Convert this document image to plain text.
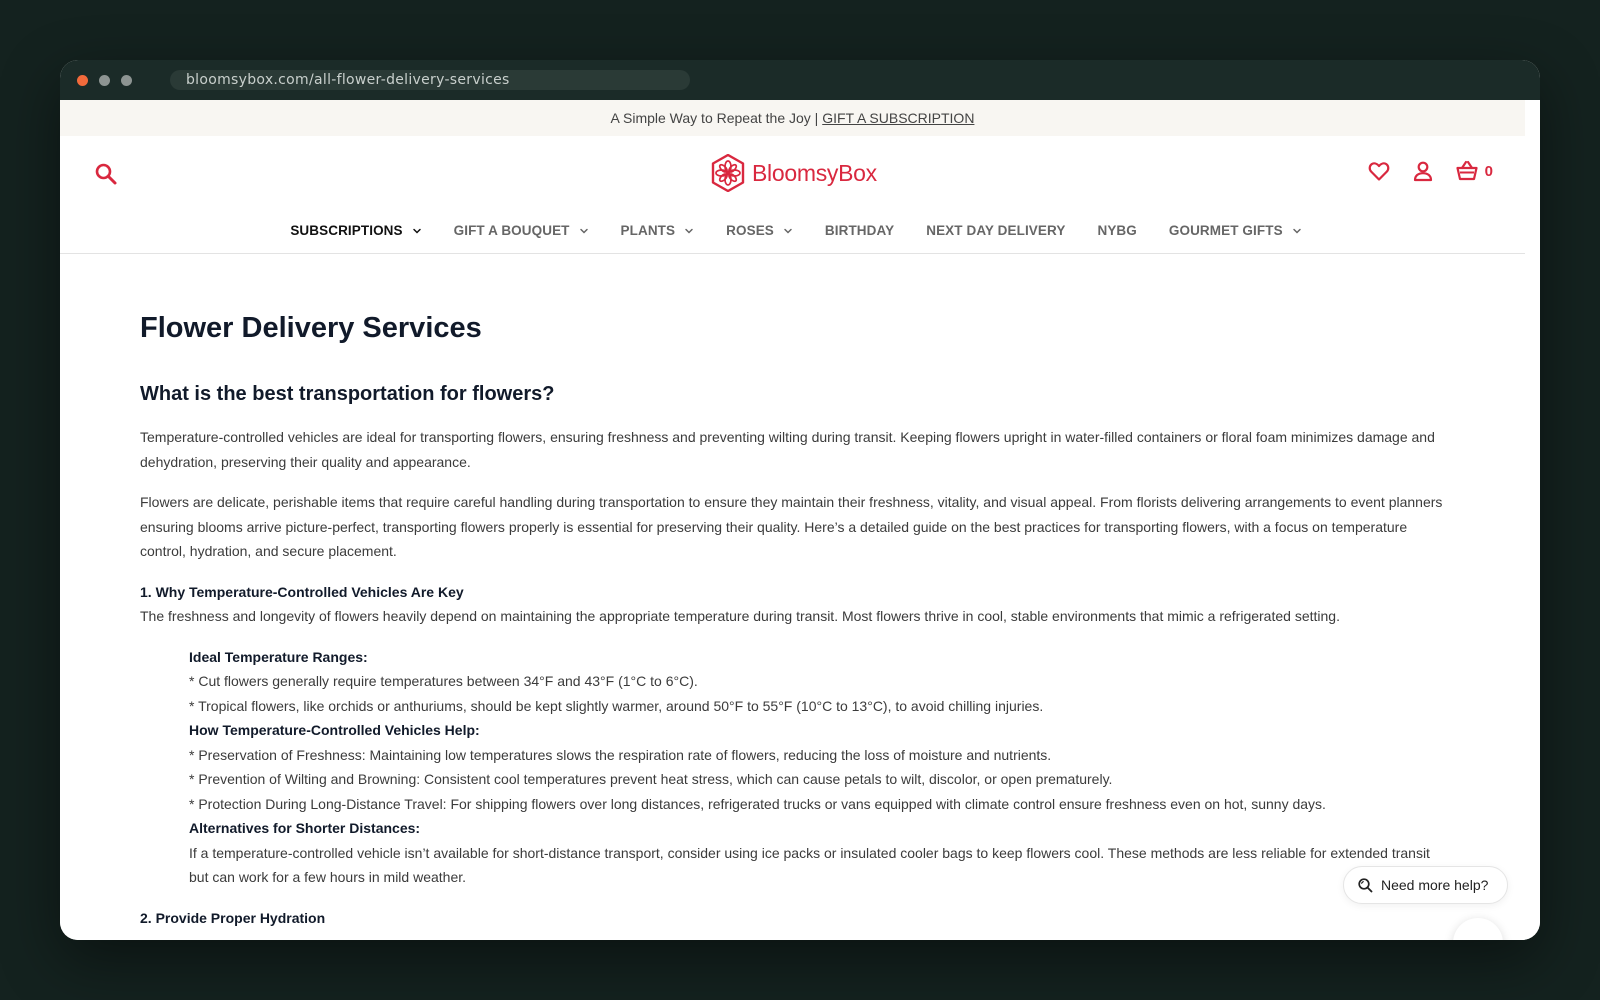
bloomsybox.com/all-flower-delivery-services
A Simple Way to Repeat the Joy | GIFT A SUBSCRIPTION
BloomsyBox	0
SUBSCRIPTIONS	GIFT A BOUQUET	PLANTS	ROSES	BIRTHDAY NEXT DAY DELIVERY NYBG GOURMET GIFTS
Flower Delivery Services
What is the best transportation for flowers?

Temperature-controlled vehicles are ideal for transporting flowers, ensuring freshness and preventing wilting during transit. Keeping flowers upright in water-filled containers or floral foam minimizes damage and dehydration, preserving their quality and appearance.

Flowers are delicate, perishable items that require careful handling during transportation to ensure they maintain their freshness, vitality, and visual appeal. From florists delivering arrangements to event planners ensuring blooms arrive picture-perfect, transporting flowers properly is essential for preserving their quality. Here’s a detailed guide on the best practices for transporting flowers, with a focus on temperature control, hydration, and secure placement.

1. Why Temperature-Controlled Vehicles Are Key

The freshness and longevity of flowers heavily depend on maintaining the appropriate temperature during transit. Most flowers thrive in cool, stable environments that mimic a refrigerated setting.

Ideal Temperature Ranges:

* Cut flowers generally require temperatures between 34°F and 43°F (1°C to 6°C).

* Tropical flowers, like orchids or anthuriums, should be kept slightly warmer, around 50°F to 55°F (10°C to 13°C), to avoid chilling injuries.

How Temperature-Controlled Vehicles Help:

* Preservation of Freshness: Maintaining low temperatures slows the respiration rate of flowers, reducing the loss of moisture and nutrients.

* Prevention of Wilting and Browning: Consistent cool temperatures prevent heat stress, which can cause petals to wilt, discolor, or open prematurely.

* Protection During Long-Distance Travel: For shipping flowers over long distances, refrigerated trucks or vans equipped with climate control ensure freshness even on hot, sunny days.

Alternatives for Shorter Distances:

If a temperature-controlled vehicle isn’t available for short-distance transport, consider using ice packs or insulated cooler bags to keep flowers cool. These methods are less reliable for extended transit but can work for a few hours in mild weather.

2. Provide Proper Hydration
Need more help?
